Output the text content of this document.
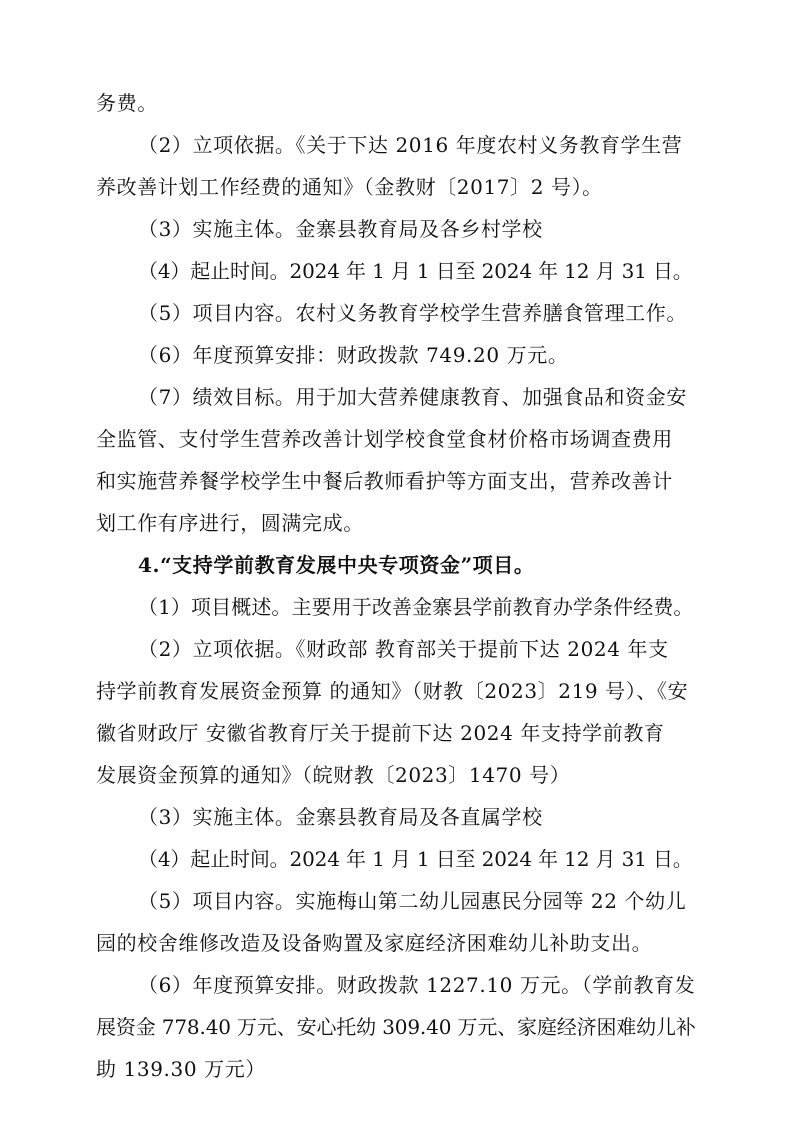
务费。
（2）立项依据。《关于下达 2016 年度农村义务教育学生营
养改善计划工作经费的通知》（金教财〔2017〕2 号）。
（3）实施主体。金寨县教育局及各乡村学校
（4）起止时间。2024 年 1 月 1 日至 2024 年 12 月 31 日。
（5）项目内容。农村义务教育学校学生营养膳食管理工作。
（6）年度预算安排：财政拨款 749.20 万元。
（7）绩效目标。用于加大营养健康教育、加强食品和资金安
全监管、支付学生营养改善计划学校食堂食材价格市场调查费用
和实施营养餐学校学生中餐后教师看护等方面支出，营养改善计
划工作有序进行，圆满完成。
4.“支持学前教育发展中央专项资金”项目。
（1）项目概述。主要用于改善金寨县学前教育办学条件经费。
（2）立项依据。《财政部 教育部关于提前下达 2024 年支
持学前教育发展资金预算 的通知》（财教〔2023〕219 号）、《安
徽省财政厅 安徽省教育厅关于提前下达 2024 年支持学前教育
发展资金预算的通知》（皖财教〔2023〕1470 号）
（3）实施主体。金寨县教育局及各直属学校
（4）起止时间。2024 年 1 月 1 日至 2024 年 12 月 31 日。
（5）项目内容。实施梅山第二幼儿园惠民分园等 22 个幼儿
园的校舍维修改造及设备购置及家庭经济困难幼儿补助支出。
（6）年度预算安排。财政拨款 1227.10 万元。（学前教育发
展资金 778.40 万元、安心托幼 309.40 万元、家庭经济困难幼儿补
助 139.30 万元）
